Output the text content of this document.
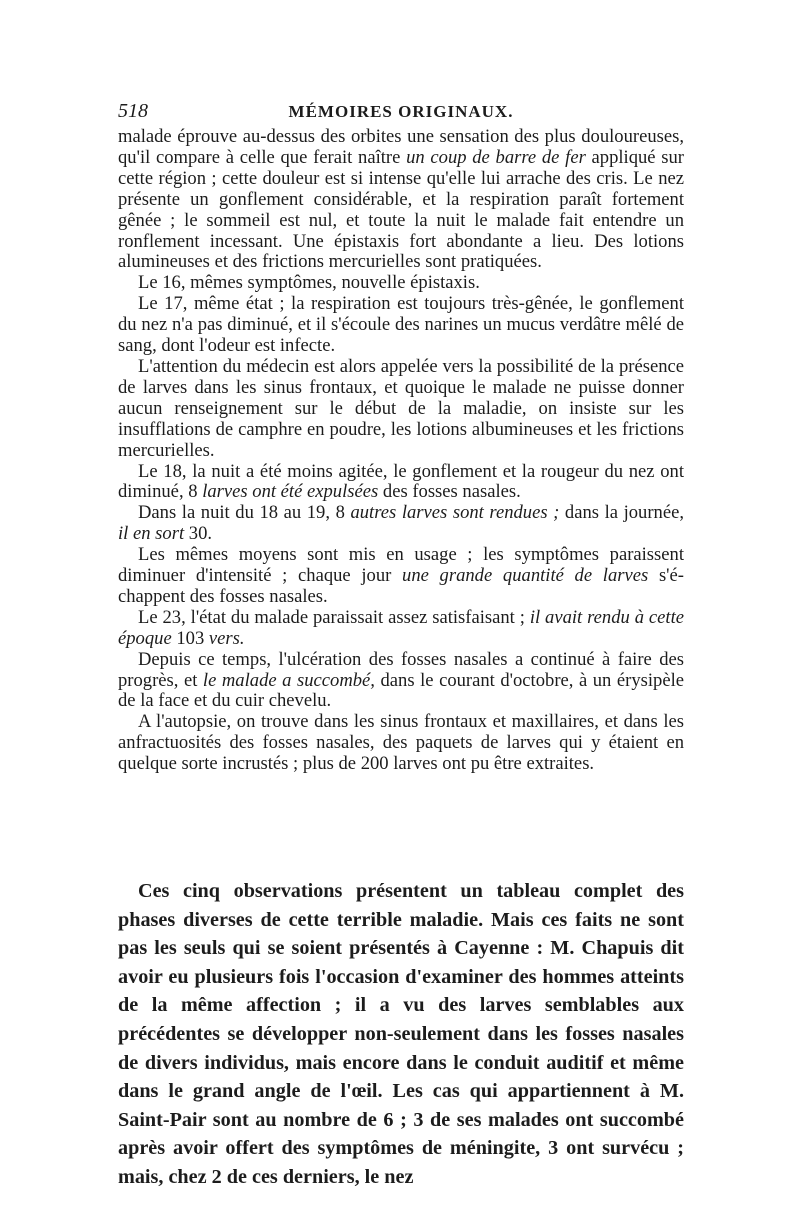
518	MÉMOIRES ORIGINAUX.

malade éprouve au-dessus des orbites une sensation des plus douloureuses, qu'il compare à celle que ferait naître un coup de barre de fer appliqué sur cette région ; cette douleur est si intense qu'elle lui arrache des cris. Le nez présente un gonflement considérable, et la respiration paraît fortement gênée ; le sommeil est nul, et toute la nuit le malade fait entendre un ronflement incessant. Une épistaxis fort abondante a lieu. Des lotions alumineuses et des frictions mercurielles sont pratiquées.

Le 16, mêmes symptômes, nouvelle épistaxis.

Le 17, même état ; la respiration est toujours très-gênée, le gonflement du nez n'a pas diminué, et il s'écoule des narines un mucus verdâtre mêlé de sang, dont l'odeur est infecte.

L'attention du médecin est alors appelée vers la possibilité de la présence de larves dans les sinus frontaux, et quoique le malade ne puisse donner aucun renseignement sur le début de la maladie, on insiste sur les insufflations de camphre en poudre, les lotions albumineuses et les frictions mercurielles.

Le 18, la nuit a été moins agitée, le gonflement et la rougeur du nez ont diminué, 8 larves ont été expulsées des fosses nasales.

Dans la nuit du 18 au 19, 8 autres larves sont rendues ; dans la journée, il en sort 30.

Les mêmes moyens sont mis en usage ; les symptômes paraissent diminuer d'intensité ; chaque jour une grande quantité de larves s'échappent des fosses nasales.

Le 23, l'état du malade paraissait assez satisfaisant ; il avait rendu à cette époque 103 vers.

Depuis ce temps, l'ulcération des fosses nasales a continué à faire des progrès, et le malade a succombé, dans le courant d'octobre, à un érysipèle de la face et du cuir chevelu.

A l'autopsie, on trouve dans les sinus frontaux et maxillaires, et dans les anfractuosités des fosses nasales, des paquets de larves qui y étaient en quelque sorte incrustés ; plus de 200 larves ont pu être extraites.

Ces cinq observations présentent un tableau complet des phases diverses de cette terrible maladie. Mais ces faits ne sont pas les seuls qui se soient présentés à Cayenne : M. Chapuis dit avoir eu plusieurs fois l'occasion d'examiner des hommes atteints de la même affection ; il a vu des larves semblables aux précédentes se développer non-seulement dans les fosses nasales de divers individus, mais encore dans le conduit auditif et même dans le grand angle de l'œil. Les cas qui appartiennent à M. Saint-Pair sont au nombre de 6 ; 3 de ses malades ont succombé après avoir offert des symptômes de méningite, 3 ont survécu ; mais, chez 2 de ces derniers, le nez
